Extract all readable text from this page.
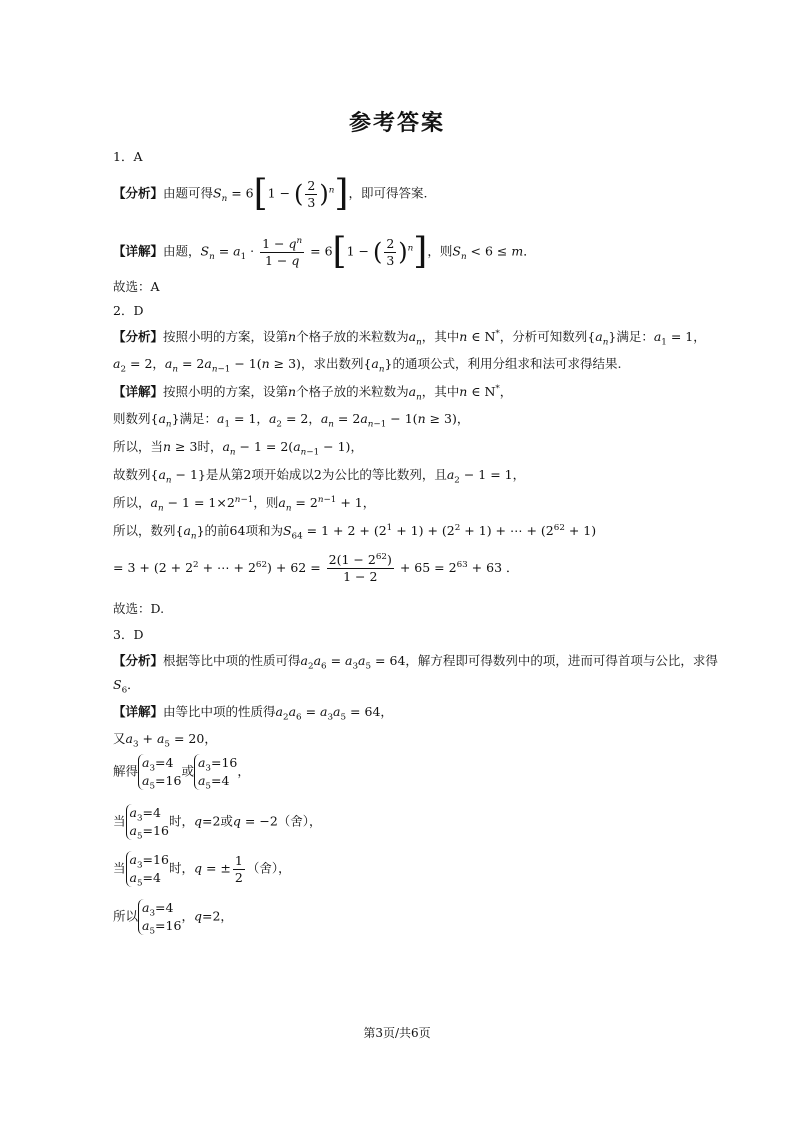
参考答案
1．A
【分析】由题可得$S_n = 6[1$ − ( $\frac{2}{3} )^n$]，即可得答案.
【详解】由题，$S_n = a_1 \cdot \frac{1 - q^n}{1 - q} = 6[1$ − ( $\frac{2}{3} )^n$]，则$S_n < 6 \le m$．
故选：A
2．D
【分析】按照小明的方案，设第n个格子放的米粒数为$a_n$，其中n ∈ N*，分析可知数列$\{a_n\}$满足：$a_1 = 1$，
$a_2 = 2$，$a_n = 2a_{n-1} - 1(n \ge 3)$，求出数列$\{a_n\}$的通项公式，利用分组求和法可求得结果.
【详解】按照小明的方案，设第n个格子放的米粒数为$a_n$，其中n ∈ N*，
则数列$\{a_n\}$满足：$a_1 = 1$，$a_2 = 2$，$a_n = 2a_{n-1} - 1(n \ge 3)$，
所以，当n ≥ 3时，$a_n - 1 = 2(a_{n-1} - 1)$，
故数列$\{a_n - 1\}$是从第2项开始成以2为公比的等比数列，且$a_2 - 1 = 1$，
所以，$a_n - 1 = 1\times 2^{n-1}$，则$a_n = 2^{n-1} + 1$，
所以，数列$\{a_n\}$的前64项和为$S_{64} = 1 + 2 + (2^1 + 1) + (2^2 + 1)$ + ⋯ + $(2^{62} + 1)$
= $3 + (2 + 2^2$ + ⋯ + $2^{62}) + 62 = \frac{2(1 - 2^{62})}{1 - 2} + 65 = 2^{63} + 63$ ．
故选：D.
3．D
【分析】根据等比中项的性质可得$a_2a_6 = a_3a_5 = 64$，解方程即可得数列中的项，进而可得首项与公比，求得
$S_6$．
【详解】由等比中项的性质得$a_2a_6 = a_3a_5 = 64$，
又$a_3 + a_5 = 20$，
解得
$a_3=4$
$a_5=16$
或
$a_3=16$
$a_5=4$
，
当
$a_3=4$
$a_5=16$
时，q=2或q = −2（舍），
当
$a_3=16$
$a_5=4$
时，q = ± $\frac{1}{2}$ （舍），
所以
$a_3=4$
$a_5=16$
，q=2，
第3页/共6页
